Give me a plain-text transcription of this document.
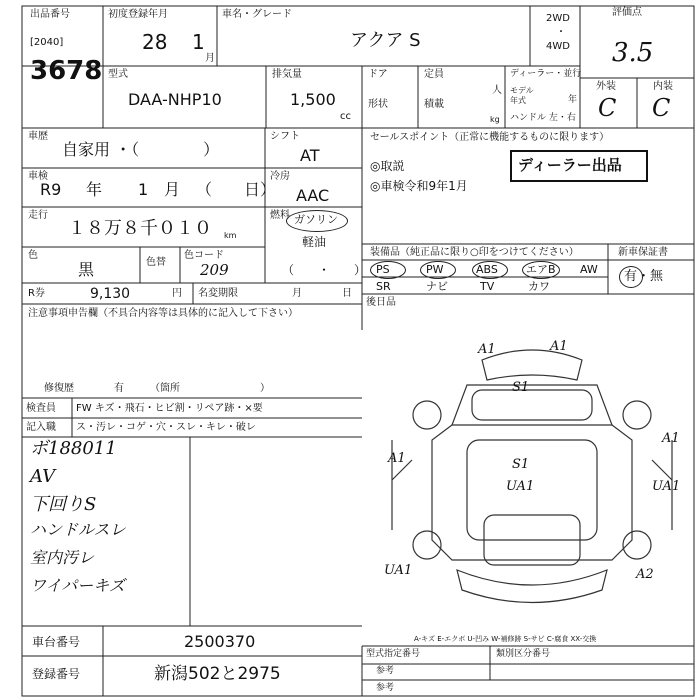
出品番号
[2040]
3678
初度登録年月
28 1
月
車名・グレード
アクア S
2WD
・
4WD
評価点
3.5
外装	内装
C C
型式
DAA-NHP10
排気量
1,500
cc
ドア
形状
定員
人
積載
kg
ディーラー・並行
モデル
年式	年
ハンドル 左・右
車歴
自家用 ・（　　　　）
シフト
AT
車検
R9 年 1 月 （　　日）
冷房
AAC
走行
１８万８千０１０ km
燃料 ガソリン
軽油
（　　・　　）
色
黒	色替
色コード
209
R券	9,130	円 名変期限	月	日
セールスポイント（正常に機能するものに限ります）
◎取説
◎車検令和9年1月
ディーラー出品
装備品（純正品に限り○印をつけてください）
PS	PW	ABS	エアB AW
SR	ナビ	TV	カワ
新車保証書
有・無
後日品
注意事項申告欄（不具合内容等は具体的に記入して下さい）
修復歴	有	（箇所　　　　　　　　）
検査員 FW キズ・飛石・ヒビ割・リペア跡・×要
記入職 ス・汚レ・コゲ・穴・スレ・キレ・破レ
ボ188011
AV
下回りS
ハンドルスレ
室内汚レ
ワイパーキズ
A1	A1
S1
A1	S1
UA1
A1
UA1
UA1	A2
A-キズ E-エクボ U-凹み W-補修跡 S-サビ C-腐食 XX-交換
車台番号	2500370
登録番号	新潟502と2975
型式指定番号	類別区分番号
参考
参考
